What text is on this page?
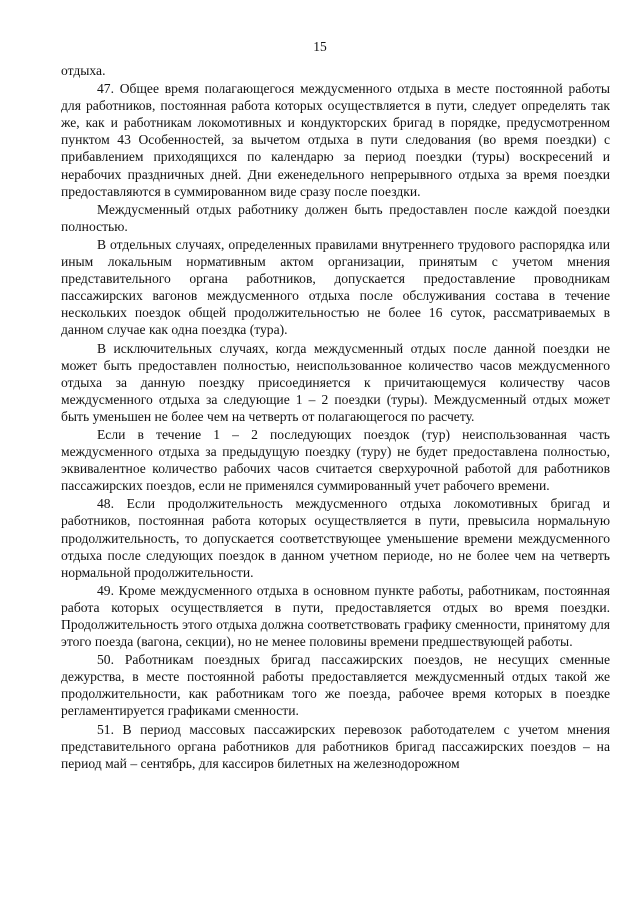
15

отдыха.

47. Общее время полагающегося междусменного отдыха в месте постоянной работы для работников, постоянная работа которых осуществляется в пути, следует определять так же, как и работникам локомотивных и кондукторских бригад в порядке, предусмотренном пунктом 43 Особенностей, за вычетом отдыха в пути следования (во время поездки) с прибавлением приходящихся по календарю за период поездки (туры) воскресений и нерабочих праздничных дней. Дни еженедельного непрерывного отдыха за время поездки предоставляются в суммированном виде сразу после поездки.

Междусменный отдых работнику должен быть предоставлен после каждой поездки полностью.

В отдельных случаях, определенных правилами внутреннего трудового распорядка или иным локальным нормативным актом организации, принятым с учетом мнения представительного органа работников, допускается предоставление проводникам пассажирских вагонов междусменного отдыха после обслуживания состава в течение нескольких поездок общей продолжительностью не более 16 суток, рассматриваемых в данном случае как одна поездка (тура).

В исключительных случаях, когда междусменный отдых после данной поездки не может быть предоставлен полностью, неиспользованное количество часов междусменного отдыха за данную поездку присоединяется к причитающемуся количеству часов междусменного отдыха за следующие 1 – 2 поездки (туры). Междусменный отдых может быть уменьшен не более чем на четверть от полагающегося по расчету.

Если в течение 1 – 2 последующих поездок (тур) неиспользованная часть междусменного отдыха за предыдущую поездку (туру) не будет предоставлена полностью, эквивалентное количество рабочих часов считается сверхурочной работой для работников пассажирских поездов, если не применялся суммированный учет рабочего времени.

48. Если продолжительность междусменного отдыха локомотивных бригад и работников, постоянная работа которых осуществляется в пути, превысила нормальную продолжительность, то допускается соответствующее уменьшение времени междусменного отдыха после следующих поездок в данном учетном периоде, но не более чем на четверть нормальной продолжительности.

49. Кроме междусменного отдыха в основном пункте работы, работникам, постоянная работа которых осуществляется в пути, предоставляется отдых во время поездки. Продолжительность этого отдыха должна соответствовать графику сменности, принятому для этого поезда (вагона, секции), но не менее половины времени предшествующей работы.

50. Работникам поездных бригад пассажирских поездов, не несущих сменные дежурства, в месте постоянной работы предоставляется междусменный отдых такой же продолжительности, как работникам того же поезда, рабочее время которых в поездке регламентируется графиками сменности.

51. В период массовых пассажирских перевозок работодателем с учетом мнения представительного органа работников для работников бригад пассажирских поездов – на период май – сентябрь, для кассиров билетных на железнодорожном
